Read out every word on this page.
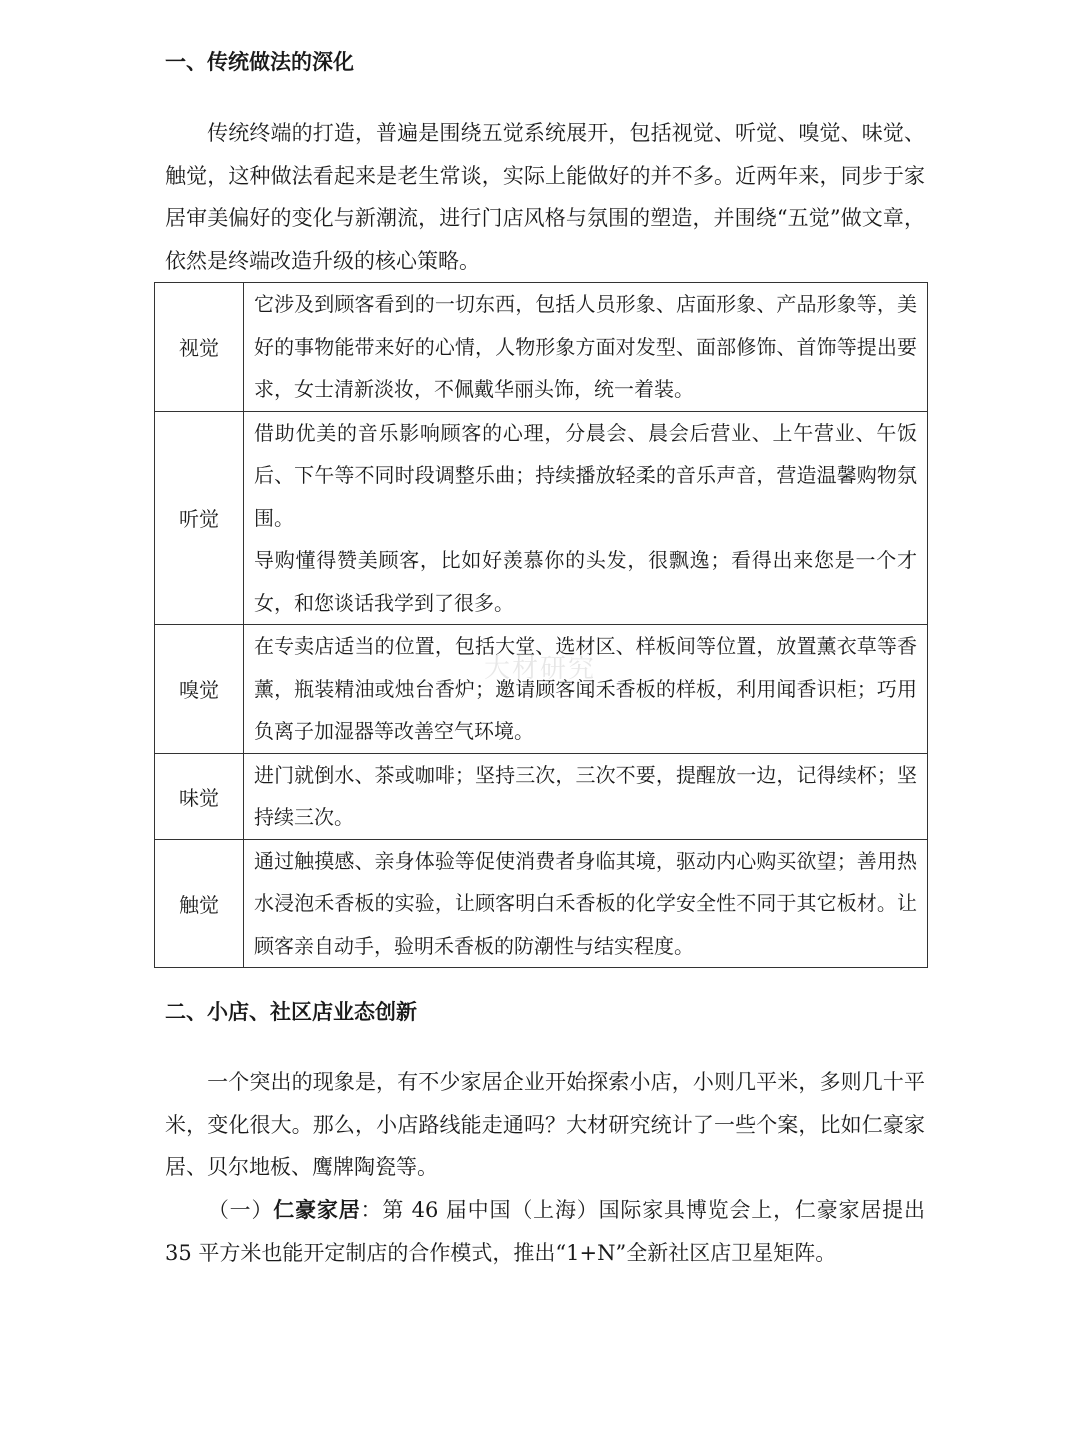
一、传统做法的深化

传统终端的打造，普遍是围绕五觉系统展开，包括视觉、听觉、嗅觉、味觉、触觉，这种做法看起来是老生常谈，实际上能做好的并不多。近两年来，同步于家居审美偏好的变化与新潮流，进行门店风格与氛围的塑造，并围绕“五觉”做文章，依然是终端改造升级的核心策略。

视觉	它涉及到顾客看到的一切东西，包括人员形象、店面形象、产品形象等，美好的事物能带来好的心情，人物形象方面对发型、面部修饰、首饰等提出要求，女士清新淡妆，不佩戴华丽头饰，统一着装。

听觉	借助优美的音乐影响顾客的心理，分晨会、晨会后营业、上午营业、午饭后、下午等不同时段调整乐曲；持续播放轻柔的音乐声音，营造温馨购物氛围。

导购懂得赞美顾客，比如好羡慕你的头发，很飘逸；看得出来您是一个才女，和您谈话我学到了很多。

嗅觉	在专卖店适当的位置，包括大堂、选材区、样板间等位置，放置薰衣草等香薰，瓶装精油或烛台香炉；邀请顾客闻禾香板的样板，利用闻香识柜；巧用负离子加湿器等改善空气环境。

味觉	进门就倒水、茶或咖啡；坚持三次，三次不要，提醒放一边，记得续杯；坚持续三次。

触觉	通过触摸感、亲身体验等促使消费者身临其境，驱动内心购买欲望；善用热水浸泡禾香板的实验，让顾客明白禾香板的化学安全性不同于其它板材。让顾客亲自动手，验明禾香板的防潮性与结实程度。

大材研究
二、小店、社区店业态创新

一个突出的现象是，有不少家居企业开始探索小店，小则几平米，多则几十平米，变化很大。那么，小店路线能走通吗？大材研究统计了一些个案，比如仁豪家居、贝尔地板、鹰牌陶瓷等。

（一）仁豪家居：第 46 届中国（上海）国际家具博览会上，仁豪家居提出 35 平方米也能开定制店的合作模式，推出“1+N”全新社区店卫星矩阵。
